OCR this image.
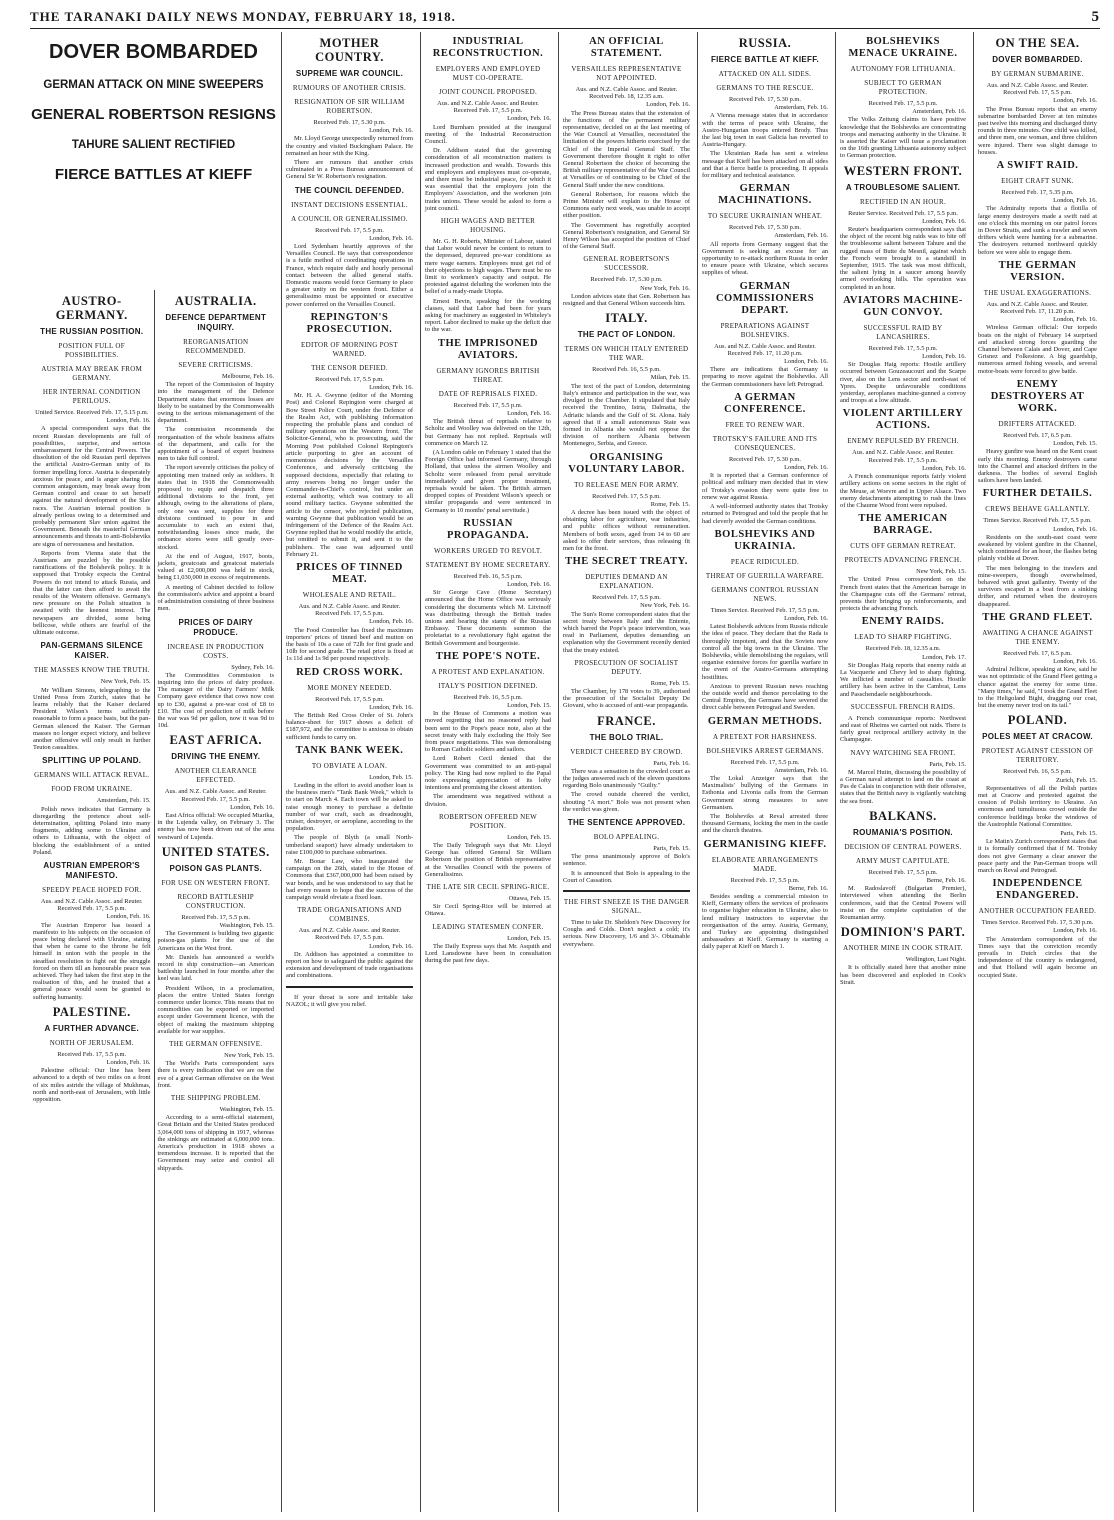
THE TARANAKI DAILY NEWS MONDAY, FEBRUARY 18, 1918.	5
DOVER BOMBARDED
GERMAN ATTACK ON MINE SWEEPERS
GENERAL ROBERTSON RESIGNS
TAHURE SALIENT RECTIFIED
FIERCE BATTLES AT KIEFF
AUSTRO-GERMANY.
THE RUSSIAN POSITION.
POSITION FULL OF POSSIBILITIES.
AUSTRIA MAY BREAK FROM GERMANY.
HER INTERNAL CONDITION PERILOUS.
United Service. Received Feb. 17, 5.15 p.m.
London, Feb. 16.

A special correspondent says that the recent Russian developments are full of possibilities, surprise, and serious embarrassment for the Central Powers. The dissolution of the old Russian peril deprives the artificial Austro-German unity of its former impelling force. Austria is desperately anxious for peace, and is anger sharing the common antagonism, may break away from German control and cease to set herself against the natural development of the Slav races. The Austrian internal position is already perilous owing to a determined and probably permanent Slav union against the Government. Beneath the masterful German announcements and threats to anti-Bolsheviks are signs of nervousness and hesitation.

Reports from Vienna state that the Austrians are puzzled by the possible ramifications of the Bolshevik policy. It is supposed that Trotsky expects the Central Powers do not intend to attack Russia, and that the latter can then afford to await the results of the Western offensive. Germany's new pressure on the Polish situation is awaited with the keenest interest. The newspapers are divided, some being bellicose, while others are fearful of the ultimate outcome.

PAN-GERMANS SILENCE KAISER.
THE MASSES KNOW THE TRUTH.
New York, Feb. 15.

Mr William Simons, telegraphing to the United Press from Zurich, states that he learns reliably that the Kaiser declared President Wilson's terms sufficiently reasonable to form a peace basis, but the pan-German silenced the Kaiser. The German masses no longer expect victory, and believe another offensive will only result in further Teuton casualties.

SPLITTING UP POLAND.
GERMANS WILL ATTACK REVAL.
FOOD FROM UKRAINE.
Amsterdam, Feb. 15.

Polish news indicates that Germany is disregarding the pretence about self-determination, splitting Poland into many fragments, adding some to Ukraine and others to Lithuania, with the object of blocking the establishment of a united Poland.

AUSTRIAN EMPEROR'S MANIFESTO.
SPEEDY PEACE HOPED FOR.
Aus. and N.Z. Cable Assoc. and Reuter. Received Feb. 17, 5.5 p.m.
London, Feb. 16.

The Austrian Emperor has issued a manifesto to his subjects on the occasion of peace being declared with Ukraine, stating that when he came to the throne he felt himself in union with the people in the steadfast resolution to fight out the struggle forced on them till an honourable peace was achieved. They had taken the first step in the realisation of this, and he trusted that a general peace would soon be granted to suffering humanity.

PALESTINE.
A FURTHER ADVANCE.
NORTH OF JERUSALEM.
Received Feb. 17, 5.5 p.m.
London, Feb. 16.

Palestine official: Our line has been advanced to a depth of two miles on a front of six miles astride the village of Mukhmas, north and north-east of Jerusalem, with little opposition.

AUSTRALIA.
DEFENCE DEPARTMENT INQUIRY.
REORGANISATION RECOMMENDED.
SEVERE CRITICISMS.
Melbourne, Feb. 16.

The report of the Commission of Inquiry into the management of the Defence Department states that enormous losses are likely to be sustained by the Commonwealth owing to the serious mismanagement of the department.

The commission recommends the reorganisation of the whole business affairs of the department, and calls for the appointment of a board of expert business men to take full control.

The report severely criticises the policy of appointing men trained only as soldiers. It states that in 1918 the Commonwealth proposed to equip and despatch three additional divisions to the front, yet although, owing to the alterations of plans, only one was sent, supplies for three divisions continued to pour in and accumulate to such an extent that, notwithstanding losses since made, the ordnance stores were still greatly over-stocked.

At the end of August, 1917, boots, jackets, greatcoats and greatcoat materials valued at £2,000,000 was held in stock, being £1,030,000 in excess of requirements.

A meeting of Cabinet decided to follow the commission's advice and appoint a board of administration consisting of three business men.

PRICES OF DAIRY PRODUCE.
INCREASE IN PRODUCTION COSTS.
Sydney, Feb. 16.

The Commodities Commission is inquiring into the prices of dairy produce. The manager of the Dairy Farmers' Milk Company gave evidence that cows now cost up to £30, against a pre-war cost of £8 to £10. The cost of production of milk before the war was 9d per gallon, now it was 9d to 10d.

EAST AFRICA.
DRIVING THE ENEMY.
ANOTHER CLEARANCE EFFECTED.
Aus. and N.Z. Cable Assoc. and Reuter. Received Feb. 17, 5.5 p.m.
London, Feb. 16.

East Africa official: We occupied Mtarika, in the Lujenda valley, on February 3. The enemy has now been driven out of the area westward of Lujenda.

UNITED STATES.
POISON GAS PLANTS.
FOR USE ON WESTERN FRONT.
RECORD BATTLESHIP CONSTRUCTION.
Received Feb. 17, 5.5 p.m.
Washington, Feb. 15.

The Government is building two gigantic poison-gas plants for the use of the Americans on the West front.

Mr. Daniels has announced a world's record in ship construction—an American battleship launched in four months after the keel was laid.

President Wilson, in a proclamation, places the entire United States foreign commerce under licence. This means that no commodities can be exported or imported except under Government licence, with the object of making the maximum shipping available for war supplies.

THE GERMAN OFFENSIVE.
New York, Feb. 15.

The World's Paris correspondent says there is every indication that we are on the eve of a great German offensive on the West front.

THE SHIPPING PROBLEM.
Washington, Feb. 15.

According to a semi-official statement, Great Britain and the United States produced 3,064,000 tons of shipping in 1917, whereas the sinkings are estimated at 6,000,000 tons. America's production in 1918 shows a tremendous increase. It is reported that the Government may seize and control all shipyards.

MOTHER COUNTRY.
SUPREME WAR COUNCIL.
RUMOURS OF ANOTHER CRISIS.
RESIGNATION OF SIR WILLIAM ROBERTSON.
Received Feb. 17, 5.30 p.m.
London, Feb. 16.

Mr. Lloyd George unexpectedly returned from the country and visited Buckingham Palace. He remained an hour with the King.

There are rumours that another crisis culminated in a Press Bureau announcement of General Sir W. Robertson's resignation.

THE COUNCIL DEFENDED.
INSTANT DECISIONS ESSENTIAL.
A COUNCIL OR GENERALISSIMO.
Received Feb. 17, 5.5 p.m.
London, Feb. 16.

Lord Sydenham heartily approves of the Versailles Council. He says that correspondence is a futile method of coordinating operations in France, which require daily and hourly personal contact between the allied general staffs. Domestic reasons would force Germany to place a greater unity on the western front. Either a generalissimo must be appointed or executive power conferred on the Versailles Council.

REPINGTON'S PROSECUTION.
EDITOR OF MORNING POST WARNED.
THE CENSOR DEFIED.
Received Feb. 17, 5.5 p.m.
London, Feb. 16.

Mr. H. A. Gwynne (editor of the Morning Post) and Colonel Repington were charged at Bow Street Police Court, under the Defence of the Realm Act, with publishing information respecting the probable plans and conduct of military operations on the Western front. The Solicitor-General, who is prosecuting, said the Morning Post published Colonel Repington's article purporting to give an account of momentous decisions by the Versailles Conference, and adversely criticising the supposed decisions, especially that relating to army reserves being no longer under the Commander-in-Chief's control, but under an external authority, which was contrary to all sound military tactics. Gwynne submitted the article to the censor, who rejected publication, warning Gwynne that publication would be an infringement of the Defence of the Realm Act. Gwynne replied that he would modify the article, but omitted to submit it, and sent it to the publishers. The case was adjourned until February 21.

PRICES OF TINNED MEAT.
WHOLESALE AND RETAIL.
Aus. and N.Z. Cable Assoc. and Reuter. Received Feb. 17, 5.5 p.m.
London, Feb. 16.

The Food Controller has fixed the maximum importers' prices of tinned beef and mutton on the basis of 10s a case of 72lb for first grade and 10lb for second grade. The retail price is fixed at 1s 11d and 1s 9d per pound respectively.

RED CROSS WORK.
MORE MONEY NEEDED.
Received Feb. 17, 5.5 p.m.
London, Feb. 16.

The British Red Cross Order of St. John's balance-sheet for 1917 shows a deficit of £187,972, and the committee is anxious to obtain sufficient funds to carry on.

TANK BANK WEEK.
TO OBVIATE A LOAN.
London, Feb. 15.

Leading in the effort to avoid another loan is the business men's "Tank Bank Week," which is to start on March 4. Each town will be asked to raise enough money to purchase a definite number of war craft, such as dreadnought, cruiser, destroyer, or aeroplane, according to the population.

The people of Blyth (a small North-umberland seaport) have already undertaken to raise £100,000 to purchase submarines.

Mr. Bonar Law, who inaugurated the campaign on the 26th, stated to the House of Commons that £367,000,000 had been raised by war bonds, and he was understood to say that he had every reason to hope that the success of the campaign would obviate a fixed loan.

TRADE ORGANISATIONS AND COMBINES.
Aus. and N.Z. Cable Assoc. and Reuter. Received Feb. 17, 5.5 p.m.
London, Feb. 16.

Dr. Addison has appointed a committee to report on how to safeguard the public against the extension and development of trade organisations and combinations.

If your throat is sore and irritable take NAZOL; it will give you relief.

INDUSTRIAL RECONSTRUCTION.
EMPLOYERS AND EMPLOYED MUST CO-OPERATE.
JOINT COUNCIL PROPOSED.
Aus. and N.Z. Cable Assoc. and Reuter. Received Feb. 17, 5.5 p.m.
London, Feb. 16.

Lord Burnham presided at the inaugural meeting of the Industrial Reconstruction Council.

Dr. Addison stated that the governing consideration of all reconstruction matters is increased production and wealth. Towards this end employers and employees must co-operate, and there must be industrial peace, for which it was essential that the employers join the Employers' Association, and the workmen join trades unions. These would be asked to form a joint council.

HIGH WAGES AND BETTER HOUSING.

Mr. G. H. Roberts, Minister of Labour, stated that Labor would never be content to return to the depressed, depraved pre-war conditions as mere wage earners. Employees must get rid of their objections to high wages. There must be no limit to workmen's capacity and output. He protested against deluding the workmen into the belief of a ready-made Utopia.

Ernest Bevin, speaking for the working classes, said that Labor had been for years asking for machinery as suggested in Whiteley's report. Labor declined to make up the deficit due to the war.

THE IMPRISONED AVIATORS.
GERMANY IGNORES BRITISH THREAT.
DATE OF REPRISALS FIXED.
Received Feb. 17, 5.5 p.m.
London, Feb. 16.

The British threat of reprisals relative to Scholtz and Woolley was delivered on the 12th, but Germany has not replied. Reprisals will commence on March 12.

(A London cable on February 1 stated that the Foreign Office had informed Germany, through Holland, that unless the airmen Woolley and Scholtz were released from penal servitude immediately and given proper treatment, reprisals would be taken. The British airmen dropped copies of President Wilson's speech or similar propaganda and were sentenced in Germany to 10 months' penal servitude.)

RUSSIAN PROPAGANDA.
WORKERS URGED TO REVOLT.
STATEMENT BY HOME SECRETARY.
Received Feb. 16, 5.5 p.m.
London, Feb. 16.

Sir George Cave (Home Secretary) announced that the Home Office was seriously considering the documents which M. Litvinoff was distributing through the British trades unions and bearing the stamp of the Russian Embassy. These documents summon the proletariat to a revolutionary fight against the British Government and bourgeoisie.

THE POPE'S NOTE.
A PROTEST AND EXPLANATION.
ITALY'S POSITION DEFINED.
Received Feb. 16, 5.5 p.m.
London, Feb. 15.

In the House of Commons a motion was moved regretting that no reasoned reply had been sent to the Pope's peace note, also at the secret treaty with Italy excluding the Holy See from peace negotiations. This was demoralising to Roman Catholic soldiers and sailors.

Lord Robert Cecil denied that the Government was committed to an anti-papal policy. The King had now replied to the Papal note expressing appreciation of its lofty intentions and promising the closest attention.

The amendment was negatived without a division.

ROBERTSON OFFERED NEW POSITION.
London, Feb. 15.

The Daily Telegraph says that Mr. Lloyd George has offered General Sir William Robertson the position of British representative at the Versailles Council with the powers of Generalissimo.

THE LATE SIR CECIL SPRING-RICE.
Ottawa, Feb. 15.

Sir Cecil Spring-Rice will be interred at Ottawa.

LEADING STATESMEN CONFER.
London, Feb. 15.

The Daily Express says that Mr. Asquith and Lord Lansdowne have been in consultation during the past few days.

AN OFFICIAL STATEMENT.
VERSAILLES REPRESENTATIVE NOT APPOINTED.
Aus. and N.Z. Cable Assoc. and Reuter. Received Feb. 18, 12.35 a.m.
London, Feb. 16.

The Press Bureau states that the extension of the functions of the permanent military representative, decided on at the last meeting of the War Council at Versailles, necessitated the limitation of the powers hitherto exercised by the Chief of the Imperial General Staff. The Government therefore thought it right to offer General Robertson the choice of becoming the British military representative of the War Council at Versailles or of continuing to be Chief of the General Staff under the new conditions.

General Robertson, for reasons which the Prime Minister will explain to the House of Commons early next week, was unable to accept either position.

The Government has regretfully accepted General Robertson's resignation, and General Sir Henry Wilson has accepted the position of Chief of the General Staff.

GENERAL ROBERTSON'S SUCCESSOR.
Received Feb. 17, 5.30 p.m.
New York, Feb. 16.

London advices state that Gen. Robertson has resigned and that General Wilson succeeds him.

ITALY.
THE PACT OF LONDON.
TERMS ON WHICH ITALY ENTERED THE WAR.
Received Feb. 16, 5.5 p.m.
Milan, Feb. 15.

The text of the pact of London, determining Italy's entrance and participation in the war, was divulged in the Chamber. It stipulated that Italy received the Trentino, Istria, Dalmatia, the Adriatic islands and the Gulf of St. Alona. Italy agreed that if a small autonomous State was formed in Albania she would not oppose the division of northern Albania between Montenegro, Serbia, and Greece.

ORGANISING VOLUNTARY LABOR.
TO RELEASE MEN FOR ARMY.
Received Feb. 17, 5.5 p.m.
Rome, Feb. 15.

A decree has been issued with the object of obtaining labor for agriculture, war industries, and public offices without remuneration. Members of both sexes, aged from 14 to 60 are asked to offer their services, thus releasing fit men for the front.

THE SECRET TREATY.
DEPUTIES DEMAND AN EXPLANATION.
Received Feb. 17, 5.5 p.m.
New York, Feb. 16.

The Sun's Rome correspondent states that the secret treaty between Italy and the Entente, which barred the Pope's peace intervention, was read in Parliament, deputies demanding an explanation why the Government recently denied that the treaty existed.

PROSECUTION OF SOCIALIST DEPUTY.
Rome, Feb. 15.

The Chamber, by 178 votes to 39, authorised the prosecution of the Socialist Deputy De Giovani, who is accused of anti-war propaganda.

FRANCE.
THE BOLO TRIAL.
VERDICT CHEERED BY CROWD.
Paris, Feb. 16.

There was a sensation in the crowded court as the judges answered each of the eleven questions regarding Bolo unanimously "Guilty."

The crowd outside cheered the verdict, shouting "A mort." Bolo was not present when the verdict was given.

THE SENTENCE APPROVED.
BOLO APPEALING.
Paris, Feb. 15.

The press unanimously approve of Bolo's sentence.

It is announced that Bolo is appealing to the Court of Cassation.

THE FIRST SNEEZE IS THE DANGER SIGNAL.

Time to take Dr. Sheldon's New Discovery for Coughs and Colds. Don't neglect a cold; it's serious. New Discovery, 1/6 and 3/-. Obtainable everywhere.

RUSSIA.
FIERCE BATTLE AT KIEFF.
ATTACKED ON ALL SIDES.
GERMANS TO THE RESCUE.
Received Feb. 17, 5.30 p.m.
Amsterdam, Feb. 16.

A Vienna message states that in accordance with the terms of peace with Ukraine, the Austro-Hungarian troops entered Brody. Thus the last big town in east Galicia has reverted to Austria-Hungary.

The Ukrainian Rada has sent a wireless message that Kieff has been attacked on all sides and that a fierce battle is proceeding. It appeals for military and technical assistance.

GERMAN MACHINATIONS.
TO SECURE UKRAINIAN WHEAT.
Received Feb. 17, 5.30 p.m.
Amsterdam, Feb. 16.

All reports from Germany suggest that the Government is seeking an excuse for an opportunity to re-attack northern Russia in order to ensure peace with Ukraine, which secures supplies of wheat.

GERMAN COMMISSIONERS DEPART.
PREPARATIONS AGAINST BOLSHEVIKS.
Aus. and N.Z. Cable Assoc. and Reuter. Received Feb. 17, 11.20 p.m.
London, Feb. 16.

There are indications that Germany is preparing to move against the Bolsheviks. All the German commissioners have left Petrograd.

A GERMAN CONFERENCE.
FREE TO RENEW WAR.
TROTSKY'S FAILURE AND ITS CONSEQUENCES.
Received Feb. 17, 5.30 p.m.
London, Feb. 16.

It is reported that a German conference of political and military men decided that in view of Trotsky's evasion they were quite free to renew war against Russia.

A well-informed authority states that Trotsky returned to Petrograd and told the people that he had cleverly avoided the German conditions.

BOLSHEVIKS AND UKRAINIA.
PEACE RIDICULED.
THREAT OF GUERILLA WARFARE.
GERMANS CONTROL RUSSIAN NEWS.
Times Service. Received Feb. 17, 5.5 p.m.
London, Feb. 16.

Latest Bolshevik advices from Russia ridicule the idea of peace. They declare that the Rada is thoroughly impotent, and that the Soviets now control all the big towns in the Ukraine. The Bolsheviks, while demobilising the regulars, will organise extensive forces for guerilla warfare in the event of the Austro-Germans attempting hostilities.

Anxious to prevent Russian news reaching the outside world and thence percolating to the Central Empires, the Germans have severed the direct cable between Petrograd and Sweden.

GERMAN METHODS.
A PRETEXT FOR HARSHNESS.
BOLSHEVIKS ARREST GERMANS.
Received Feb. 17, 5.5 p.m.
Amsterdam, Feb. 16.

The Lokal Anzeiger says that the Maximalists' bullying of the Germans in Esthonia and Livonia calls from the German Government strong measures to save Germanism.

The Bolsheviks at Reval arrested three thousand Germans, locking the men in the castle and the church theatres.

GERMANISING KIEFF.
ELABORATE ARRANGEMENTS MADE.
Received Feb. 17, 5.5 p.m.
Berne, Feb. 16.

Besides sending a commercial mission to Kieff, Germany offers the services of professors to organise higher education in Ukraine, also to lend military instructors to supervise the reorganisation of the army. Austria, Germany, and Turkey are appointing distinguished ambassadors at Kieff. Germany is starting a daily paper at Kieff on March 1.

BOLSHEVIKS MENACE UKRAINE.
AUTONOMY FOR LITHUANIA.
SUBJECT TO GERMAN PROTECTION.
Received Feb. 17, 5.5 p.m.
Amsterdam, Feb. 16.

The Volks Zeitung claims to have positive knowledge that the Bolsheviks are concentrating troops and menacing authority in the Ukraine. It is asserted the Kaiser will issue a proclamation on the 16th granting Lithuania autonomy subject to German protection.

WESTERN FRONT.
A TROUBLESOME SALIENT.
RECTIFIED IN AN HOUR.
Reuter Service. Received Feb. 17, 5.5 p.m.
London, Feb. 16.

Reuter's headquarters correspondent says that the object of the recent big raids was to bite off the troublesome salient between Tahure and the rugged mass of Butte du Mesnil, against which the French were brought to a standstill in September, 1915. The task was most difficult, the salient lying in a saucer among heavily armed overlooking hills. The operation was completed in an hour.

AVIATORS MACHINE-GUN CONVOY.
SUCCESSFUL RAID BY LANCASHIRES.
Received Feb. 17, 5.5 p.m.
London, Feb. 16.

Sir Douglas Haig reports: Hostile artillery occurred between Gouzeaucourt and the Scarpe river, also on the Lens sector and north-east of Ypres. Despite unfavourable conditions yesterday, aeroplanes machine-gunned a convoy and troops at a low altitude.

VIOLENT ARTILLERY ACTIONS.
ENEMY REPULSED BY FRENCH.
Aus. and N.Z. Cable Assoc. and Reuter. Received Feb. 17, 5.5 p.m.
London, Feb. 16.

A French communique reports fairly violent artillery actions on some sectors in the right of the Meuse, at Woevre and in Upper Alsace. Two enemy detachments attempting to rush the lines of the Chaume Wood front were repulsed.

THE AMERICAN BARRAGE.
CUTS OFF GERMAN RETREAT.
PROTECTS ADVANCING FRENCH.
New York, Feb. 15.

The United Press correspondent on the French front states that the American barrage in the Champagne cuts off the Germans' retreat, prevents their bringing up reinforcements, and protects the advancing French.

ENEMY RAIDS.
LEAD TO SHARP FIGHTING.
Received Feb. 18, 12.35 a.m.
London, Feb. 17.

Sir Douglas Haig reports that enemy raids at La Vacquerie and Chevy led to sharp fighting. We inflicted a number of casualties. Hostile artillery has been active in the Cambrai, Lens and Passchendaele neighbourhoods.

SUCCESSFUL FRENCH RAIDS.

A French communique reports: Northwest and east of Rheims we carried out raids. There is fairly great reciprocal artillery activity in the Champagne.

NAVY WATCHING SEA FRONT.
Paris, Feb. 15.

M. Marcel Hutin, discussing the possibility of a German naval attempt to land on the coast at Pas de Calais in conjunction with their offensive, states that the British navy is vigilantly watching the sea front.

BALKANS.
ROUMANIA'S POSITION.
DECISION OF CENTRAL POWERS.
ARMY MUST CAPITULATE.
Received Feb. 17, 5.5 p.m.
Berne, Feb. 16.

M. Radoslavoff (Bulgarian Premier), interviewed when attending the Berlin conferences, said that the Central Powers will insist on the complete capitulation of the Roumanian army.

DOMINION'S PART.
ANOTHER MINE IN COOK STRAIT.
Wellington, Last Night.

It is officially stated here that another mine has been discovered and exploded in Cook's Strait.

ON THE SEA.
DOVER BOMBARDED.
BY GERMAN SUBMARINE.
Aus. and N.Z. Cable Assoc. and Reuter. Received Feb. 17, 5.5 p.m.
London, Feb. 16.

The Press Bureau reports that an enemy submarine bombarded Dover at ten minutes past twelve this morning and discharged thirty rounds in three minutes. One child was killed, and three men, one woman, and three children were injured. There was slight damage to houses.

A SWIFT RAID.
EIGHT CRAFT SUNK.
Received Feb. 17, 5.35 p.m.
London, Feb. 16.

The Admiralty reports that a flotilla of large enemy destroyers made a swift raid at one o'clock this morning on our patrol forces in Dover Straits, and sunk a trawler and seven drifters which were hunting for a submarine. The destroyers returned northward quickly before we were able to engage them.

THE GERMAN VERSION.
THE USUAL EXAGGERATIONS.
Aus. and N.Z. Cable Assoc. and Reuter. Received Feb. 17, 11.20 p.m.
London, Feb. 16.

Wireless German official: Our torpedo boats on the night of February 14 surprised and attacked strong forces guarding the Channel between Calais and Dover, and Cape Grisnez and Folkestone. A big guardship, numerous armed fishing vessels, and several motor-boats were forced to give battle.

ENEMY DESTROYERS AT WORK.
DRIFTERS ATTACKED.
Received Feb. 17, 6.5 p.m.
London, Feb. 15.

Heavy gunfire was heard on the Kent coast early this morning. Enemy destroyers came into the Channel and attacked drifters in the darkness. The bodies of several English sailors have been landed.

FURTHER DETAILS.
CREWS BEHAVE GALLANTLY.
Times Service. Received Feb. 17, 5.5 p.m.
London, Feb. 16.

Residents on the south-east coast were awakened by violent gunfire in the Channel, which continued for an hour, the flashes being plainly visible at Dover.

The men belonging to the trawlers and mine-sweepers, though overwhelmed, behaved with great gallantry. Twenty of the survivors escaped in a boat from a sinking drifter, and returned when the destroyers disappeared.

THE GRAND FLEET.
AWAITING A CHANCE AGAINST THE ENEMY.
Received Feb. 17, 6.5 p.m.
London, Feb. 16.

Admiral Jellicoe, speaking at Kew, said he was not optimistic of the Grand Fleet getting a chance against the enemy for some time. "Many times," he said, "I took the Grand Fleet to the Heligoland Bight, dragging our coat, but the enemy never trod on its tail."

POLAND.
POLES MEET AT CRACOW.
PROTEST AGAINST CESSION OF TERRITORY.
Received Feb. 16, 5.5 p.m.
Zurich, Feb. 15.

Representatives of all the Polish parties met at Cracow and protested against the cession of Polish territory to Ukraine. An enormous and tumultuous crowd outside the conference buildings broke the windows of the Austrophile National Committee.

Paris, Feb. 15.

Le Matin's Zurich correspondent states that it is formally confirmed that if M. Trotsky does not give Germany a clear answer the peace party and the Pan-German troops will march on Reval and Petrograd.

INDEPENDENCE ENDANGERED.
ANOTHER OCCUPATION FEARED.
Times Service. Received Feb. 17, 5.30 p.m.
London, Feb. 16.

The Amsterdam correspondent of the Times says that the conviction recently prevails in Dutch circles that the independence of the country is endangered, and that Holland will again become an occupied State.
